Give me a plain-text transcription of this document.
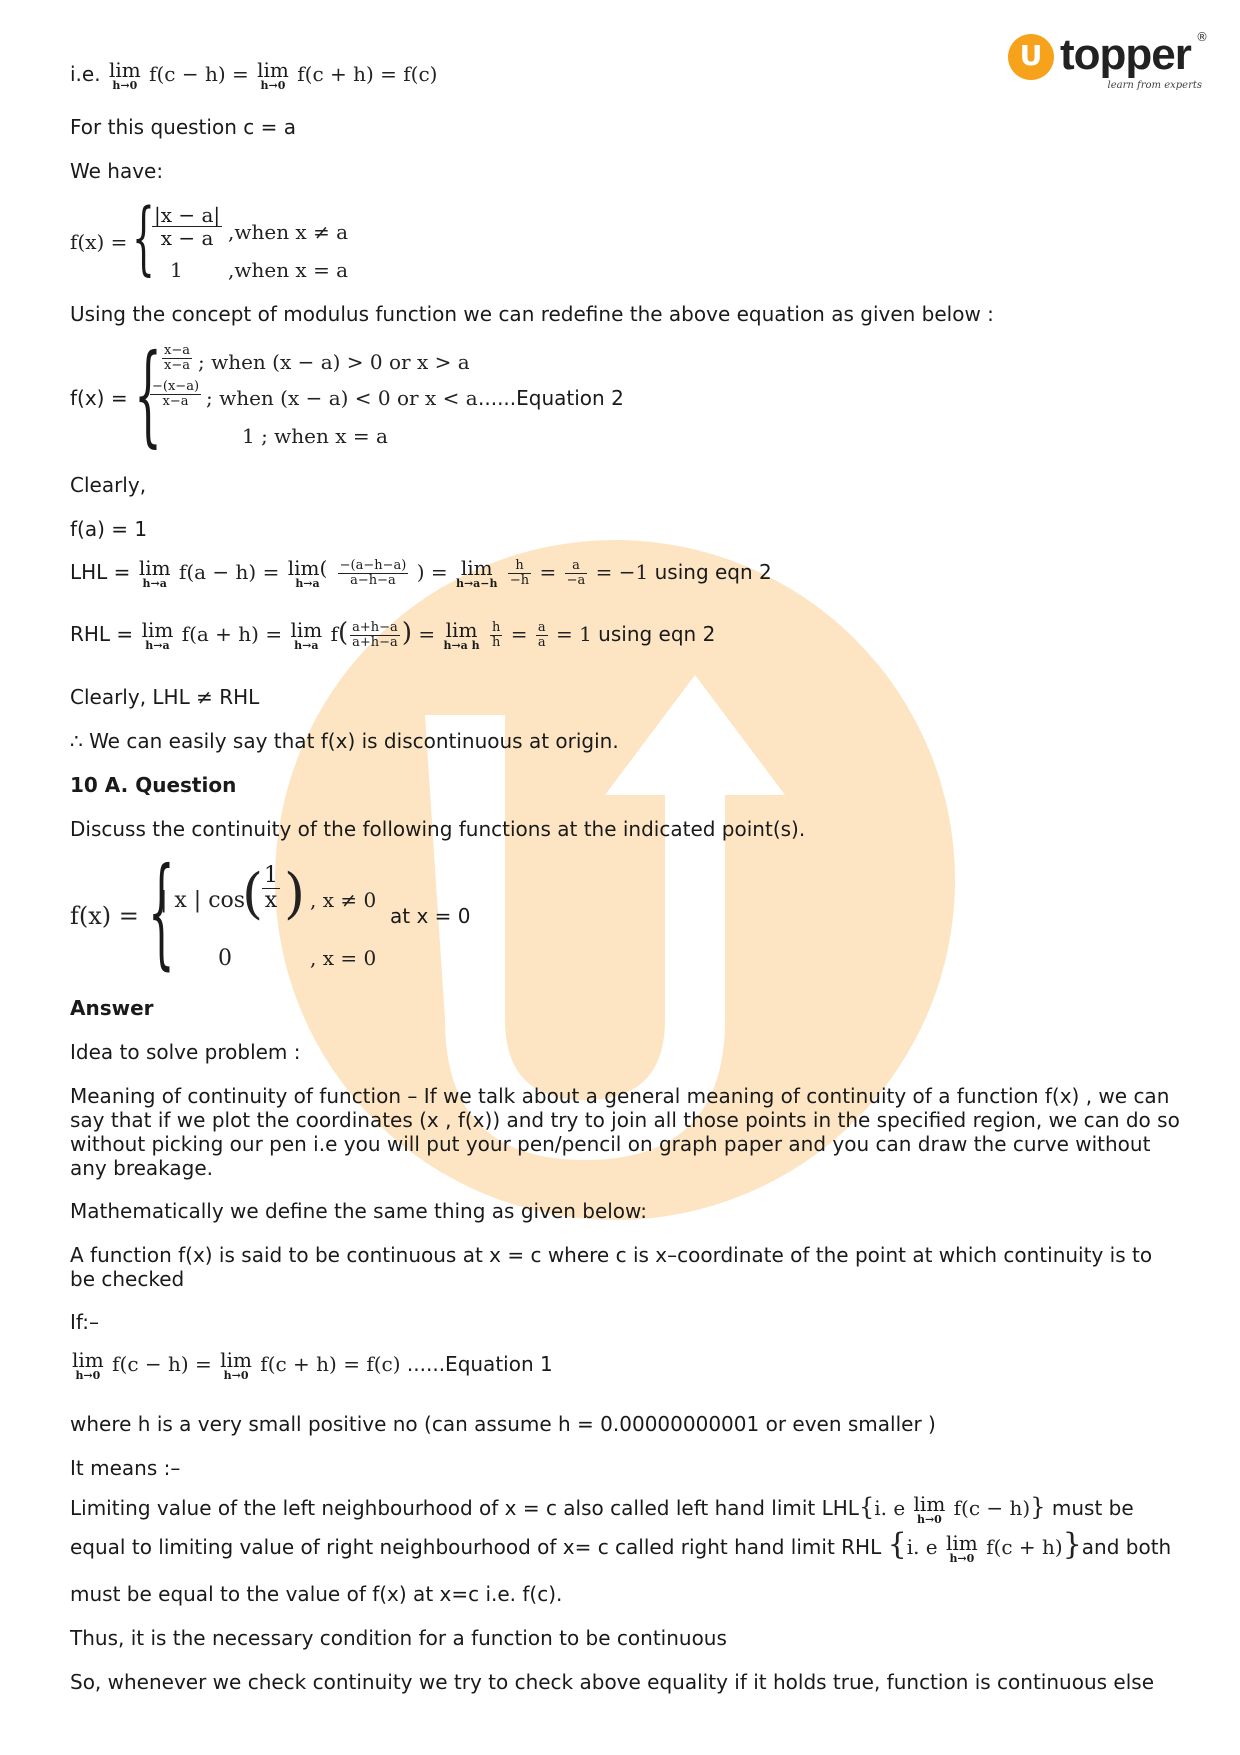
U topper ®
learn from experts
i.e. lim
h→0 f(c − h) = lim
h→0 f(c + h) = f(c)
For this question c = a
We have:
f(x) = {
$\frac{|x - a|}{x - a}$ ,when x ≠ a
1 ,when x = a
Using the concept of modulus function we can redefine the above equation as given below :
f(x) = { $\frac{x-a}{x-a}$ ; when (x − a) > 0 or x > a
$\frac{-(x-a)}{x-a}$ ; when (x − a) < 0 or x < a
1 ; when x = a
......Equation 2
Clearly,
f(a) = 1
LHL = lim
h→a f(a − h) = lim(
h→a
	$\frac{-(a-h-a)}{a-h-a}$ ) = lim
h→a−h
$\frac{h}{-h} = \frac{a}{-a} = -1$ using eqn 2
RHL = lim
h→a f(a + h) = lim
h→a $f( \frac{a+h-a}{a+h-a}$ ) = lim
h→a h
$\frac{h}{h} = \frac{a}{a} = 1$ using eqn 2
Clearly, LHL ≠ RHL
∴ We can easily say that f(x) is discontinuous at origin.
10 A. Question
Discuss the continuity of the following functions at the indicated point(s).
f(x) = {
| x | cos
(
$\frac{1}{x}$ ) , x ≠ 0
0	, x = 0
at x = 0
Answer
Idea to solve problem :
Meaning of continuity of function – If we talk about a general meaning of continuity of a function f(x) , we can say that if we plot the coordinates (x , f(x)) and try to join all those points in the specified region, we can do so without picking our pen i.e you will put your pen/pencil on graph paper and you can draw the curve without any breakage.
Mathematically we define the same thing as given below:
A function f(x) is said to be continuous at x = c where c is x–coordinate of the point at which continuity is to be checked
If:–
lim
h→0 f(c − h) = lim
h→0 f(c + h) = f(c) ......Equation 1
where h is a very small positive no (can assume h = 0.00000000001 or even smaller )
It means :–
Limiting value of the left neighbourhood of x = c also called left hand limit LHL{i. e lim
h→0 f(c − h)} must be
equal to limiting value of right neighbourhood of x= c called right hand limit RHL {i. e lim
h→0 f(c + h)}and both
must be equal to the value of f(x) at x=c i.e. f(c).
Thus, it is the necessary condition for a function to be continuous
So, whenever we check continuity we try to check above equality if it holds true, function is continuous else
